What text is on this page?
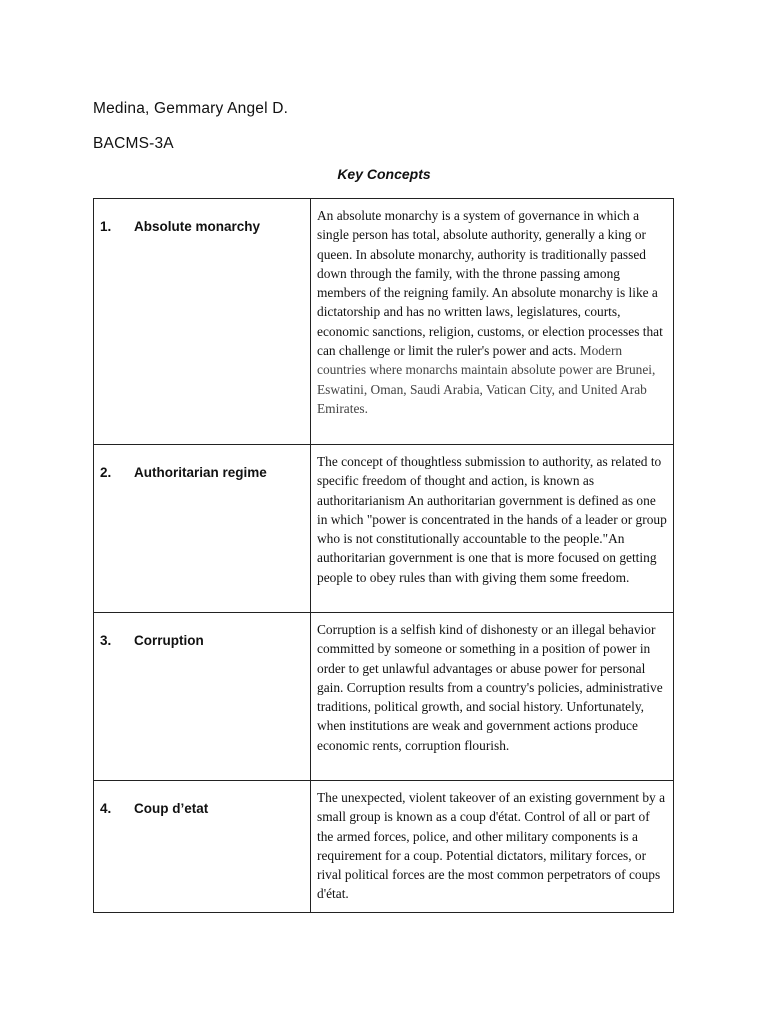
Medina, Gemmary Angel D.
BACMS-3A
Key Concepts
1. Absolute monarchy	An absolute monarchy is a system of governance in which a single person has total, absolute authority, generally a king or queen. In absolute monarchy, authority is traditionally passed down through the family, with the throne passing among members of the reigning family. An absolute monarchy is like a dictatorship and has no written laws, legislatures, courts, economic sanctions, religion, customs, or election processes that can challenge or limit the ruler's power and acts. Modern countries where monarchs maintain absolute power are Brunei, Eswatini, Oman, Saudi Arabia, Vatican City, and United Arab Emirates.
2. Authoritarian regime	The concept of thoughtless submission to authority, as related to specific freedom of thought and action, is known as authoritarianism An authoritarian government is defined as one in which "power is concentrated in the hands of a leader or group who is not constitutionally accountable to the people."An authoritarian government is one that is more focused on getting people to obey rules than with giving them some freedom.
3. Corruption	Corruption is a selfish kind of dishonesty or an illegal behavior committed by someone or something in a position of power in order to get unlawful advantages or abuse power for personal gain. Corruption results from a country's policies, administrative traditions, political growth, and social history. Unfortunately, when institutions are weak and government actions produce economic rents, corruption flourish.
4. Coup d’etat	The unexpected, violent takeover of an existing government by a small group is known as a coup d'état. Control of all or part of the armed forces, police, and other military components is a requirement for a coup. Potential dictators, military forces, or rival political forces are the most common perpetrators of coups d'état.
